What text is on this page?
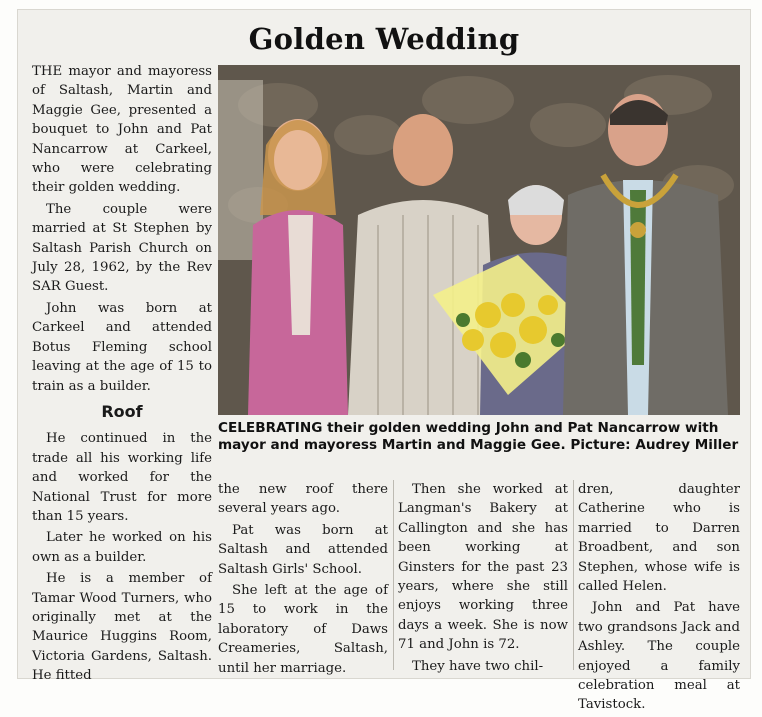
Golden Wedding

THE mayor and mayoress of Saltash, Martin and Maggie Gee, presented a bouquet to John and Pat Nancarrow at Carkeel, who were celebrating their golden wedding.

The couple were married at St Stephen by Saltash Parish Church on July 28, 1962, by the Rev SAR Guest.

John was born at Carkeel and attended Botus Fleming school leaving at the age of 15 to train as a builder.

Roof

He continued in the trade all his working life and worked for the National Trust for more than 15 years.

Later he worked on his own as a builder.

He is a member of Tamar Wood Turners, who originally met at the Maurice Huggins Room, Victoria Gardens, Saltash. He fitted

CELEBRATING their golden wedding John and Pat Nancarrow with mayor and mayoress Martin and Maggie Gee. Picture: Audrey Miller

the new roof there several years ago.

Pat was born at Saltash and attended Saltash Girls' School.

She left at the age of 15 to work in the laboratory of Daws Creameries, Saltash, until her marriage.

Then she worked at Langman's Bakery at Callington and she has been working at Ginsters for the past 23 years, where she still enjoys working three days a week. She is now 71 and John is 72.

They have two chil-

dren, daughter Catherine who is married to Darren Broadbent, and son Stephen, whose wife is called Helen.

John and Pat have two grandsons Jack and Ashley. The couple enjoyed a family celebration meal at Tavistock.
